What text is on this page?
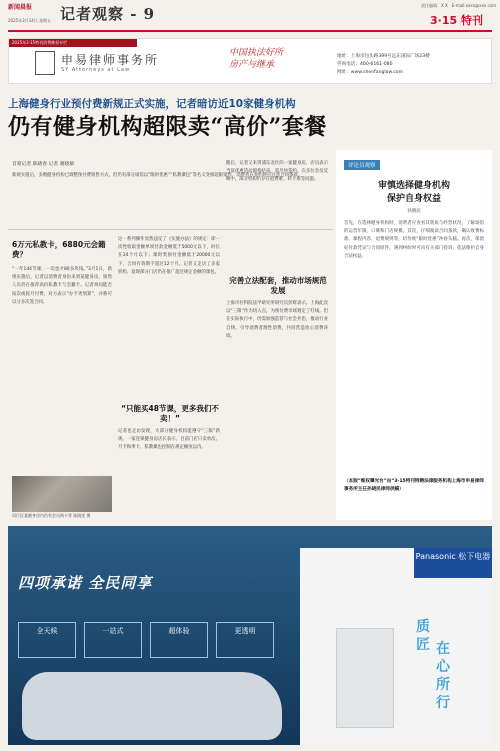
新闻晨报
2025年3月14日 星期五 记者观察 - 9	责任编辑：X X　E-mail:xxxx@xxx.com
3·15 特刊
2025年3·15特刊消费维权专栏
申易律师事务所
SY Attorneys at Law
中国执法好所
房产与继承
地址：上海市包头路399号远东国际广场23楼
咨询电话：400-6161-080
网址：www.shenfanglaw.com
上海健身行业预付费新规正式实施，记者暗访近10家健身机构
仍有健身机构超限卖“高价”套餐
首席记者 陈晓春 记者 谢晓敏
新规实施后，多数健身机构已调整预付费销售方式，但仍有部分场馆以“限时优惠”“私教课包”等名义变相超限销售，消费者在签约时应注意合同条款。
6万元私教卡，6880元会籍费？
“一年144节课，一次也才80多块钱。”3月1日，新规实施后，记者以消费者身份来到某健身房，销售人员仍在推荐高价私教卡与会籍卡。记者询问能否按次或按月付费，对方表示“办卡更划算”，并称可以分多次签合同。
闵行区某健身房内仍有会员购卡等 陈晓雯 摄
这一系列操作显然违反了《实施办法》的规定：即一次性收取金额单项付款金额低于5000元以下，时长在24个月以下；课时类预付金额低于20000元以下，合同有效期不超过12个月。记者又走访了多家机构，发现部分门店仍在推广超过规定金额的课包。
“只能买48节课，更多我们不卖！”
记者也走访发现，大部分健身机构能遵守“三限”新规。一家连锁健身房店长表示，目前门店只卖单次、月卡和季卡，私教课也控制在规定额度以内。
随后，记者又来到浦东北区的一家健身房，店员表示当前优惠活动即将结束，需尽快签约。在多位会员反映中，部分机构仍存在退费难、转卡难等问题。
完善立法配套，推动市场规范发展
上海市社科院法学研究所研究员彭辉表示，上海此次以“三限”作为切入点，为预付费市场划定了红线。但在实际执行中，仍需加强监管与社会共治，推动行业自律，引导消费者理性消费，共同营造放心消费环境。
评论员观察
审慎选择健身机构
保护自身权益
孙晓民
首先，在选择健身机构时，消费者应查看其资质与经营状况，了解场馆的运营年限、口碑和门店规模。其次，仔细阅读合同条款，确认收费标准、课程内容、退费规则等，切勿被“限时优惠”冲昏头脑。再次，保留好付款凭证与合同原件，遇到纠纷时可向有关部门投诉，依法维护自身合法权益。
（本版“维权曝光台”由“3·15特刊特聘法律服务机构上海市申易律师事务所主任孙晓民律师供稿）
四项承诺 全民同享
全天候	一站式	超体验	更透明
Panasonic 松下电器
质匠 在心所行
